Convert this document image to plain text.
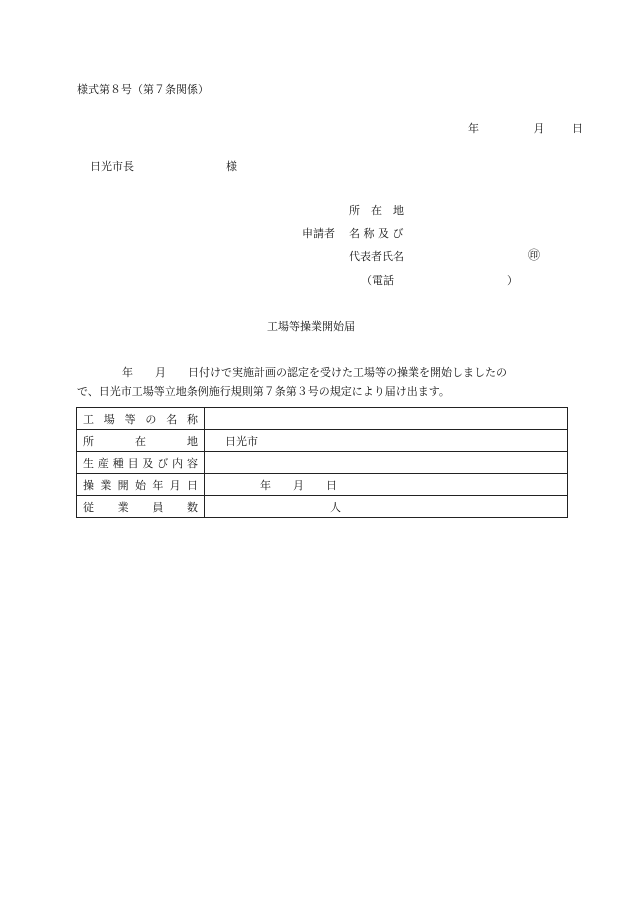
様式第８号（第７条関係）
年	月	日
日光市長	様
所　在　地
申請者 名 称 及 び
代表者氏名	㊞
（電話	）
工場等操業開始届
年　　月　　日付けで実施計画の認定を受けた工場等の操業を開始しましたの
で、日光市工場等立地条例施行規則第７条第３号の規定により届け出ます。
工場等の名称	
所在地	日光市
生産種目及び内容	
操業開始年月日	年　　月　　日
従業員数	人
